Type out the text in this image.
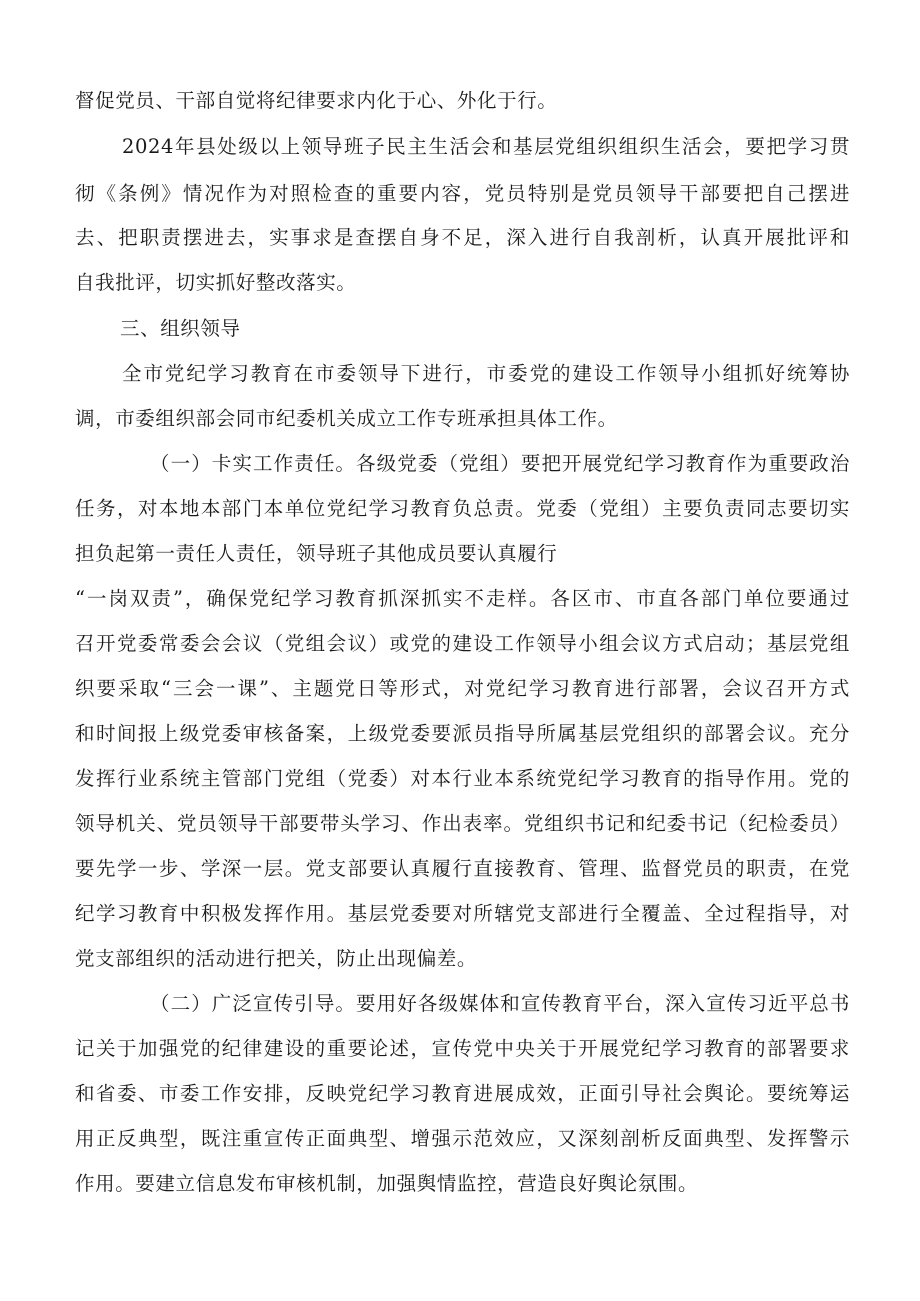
督促党员、干部自觉将纪律要求内化于心、外化于行。

2024年县处级以上领导班子民主生活会和基层党组织组织生活会，要把学习贯

彻《条例》情况作为对照检查的重要内容，党员特别是党员领导干部要把自己摆进

去、把职责摆进去，实事求是查摆自身不足，深入进行自我剖析，认真开展批评和

自我批评，切实抓好整改落实。

三、组织领导

全市党纪学习教育在市委领导下进行，市委党的建设工作领导小组抓好统筹协

调，市委组织部会同市纪委机关成立工作专班承担具体工作。

（一）卡实工作责任。各级党委（党组）要把开展党纪学习教育作为重要政治

任务，对本地本部门本单位党纪学习教育负总责。党委（党组）主要负责同志要切实

担负起第一责任人责任，领导班子其他成员要认真履行

“一岗双责”，确保党纪学习教育抓深抓实不走样。各区市、市直各部门单位要通过

召开党委常委会会议（党组会议）或党的建设工作领导小组会议方式启动；基层党组

织要采取“三会一课”、主题党日等形式，对党纪学习教育进行部署，会议召开方式

和时间报上级党委审核备案，上级党委要派员指导所属基层党组织的部署会议。充分

发挥行业系统主管部门党组（党委）对本行业本系统党纪学习教育的指导作用。党的

领导机关、党员领导干部要带头学习、作出表率。党组织书记和纪委书记（纪检委员）

要先学一步、学深一层。党支部要认真履行直接教育、管理、监督党员的职责，在党

纪学习教育中积极发挥作用。基层党委要对所辖党支部进行全覆盖、全过程指导，对

党支部组织的活动进行把关，防止出现偏差。

（二）广泛宣传引导。要用好各级媒体和宣传教育平台，深入宣传习近平总书

记关于加强党的纪律建设的重要论述，宣传党中央关于开展党纪学习教育的部署要求

和省委、市委工作安排，反映党纪学习教育进展成效，正面引导社会舆论。要统筹运

用正反典型，既注重宣传正面典型、增强示范效应，又深刻剖析反面典型、发挥警示

作用。要建立信息发布审核机制，加强舆情监控，营造良好舆论氛围。
